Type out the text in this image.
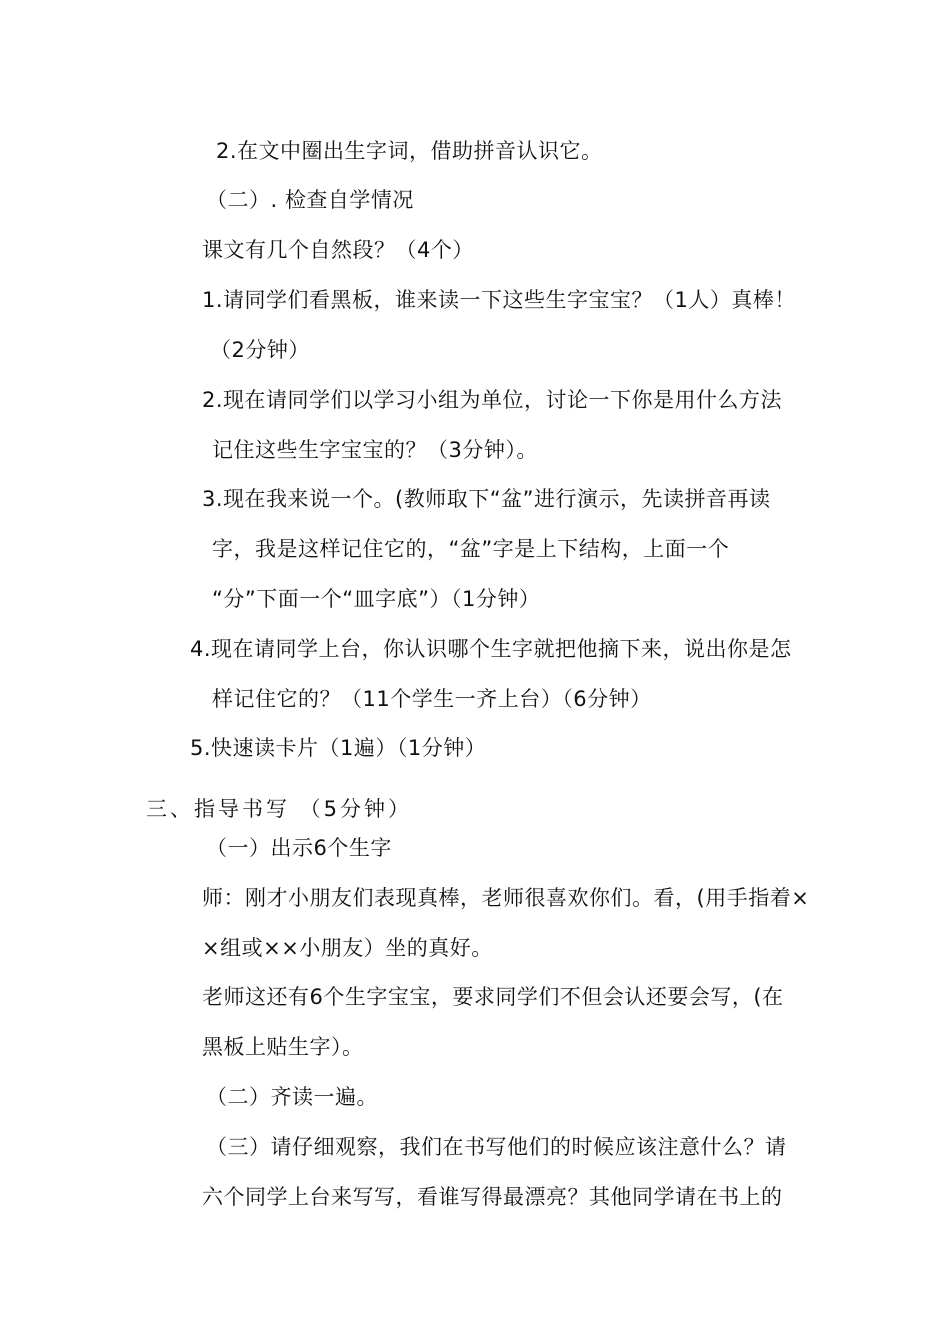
2.在文中圈出生字词，借助拼音认识它。
（二）. 检查自学情况
课文有几个自然段？（4个）
1.请同学们看黑板，谁来读一下这些生字宝宝？（1人）真棒！
（2分钟）
2.现在请同学们以学习小组为单位，讨论一下你是用什么方法
记住这些生字宝宝的？（3分钟）。
3.现在我来说一个。(教师取下“盆”进行演示，先读拼音再读
字，我是这样记住它的，“盆”字是上下结构，上面一个
“分”下面一个“皿字底”）（1分钟）
4.现在请同学上台，你认识哪个生字就把他摘下来，说出你是怎
样记住它的？（11个学生一齐上台）（6分钟）
5.快速读卡片（1遍）（1分钟）
三、指导书写 （5分钟）
（一）出示6个生字
师：刚才小朋友们表现真棒，老师很喜欢你们。看，(用手指着×
×组或××小朋友）坐的真好。
老师这还有6个生字宝宝，要求同学们不但会认还要会写，(在
黑板上贴生字）。
（二）齐读一遍。
（三）请仔细观察，我们在书写他们的时候应该注意什么？请
六个同学上台来写写，看谁写得最漂亮？其他同学请在书上的
